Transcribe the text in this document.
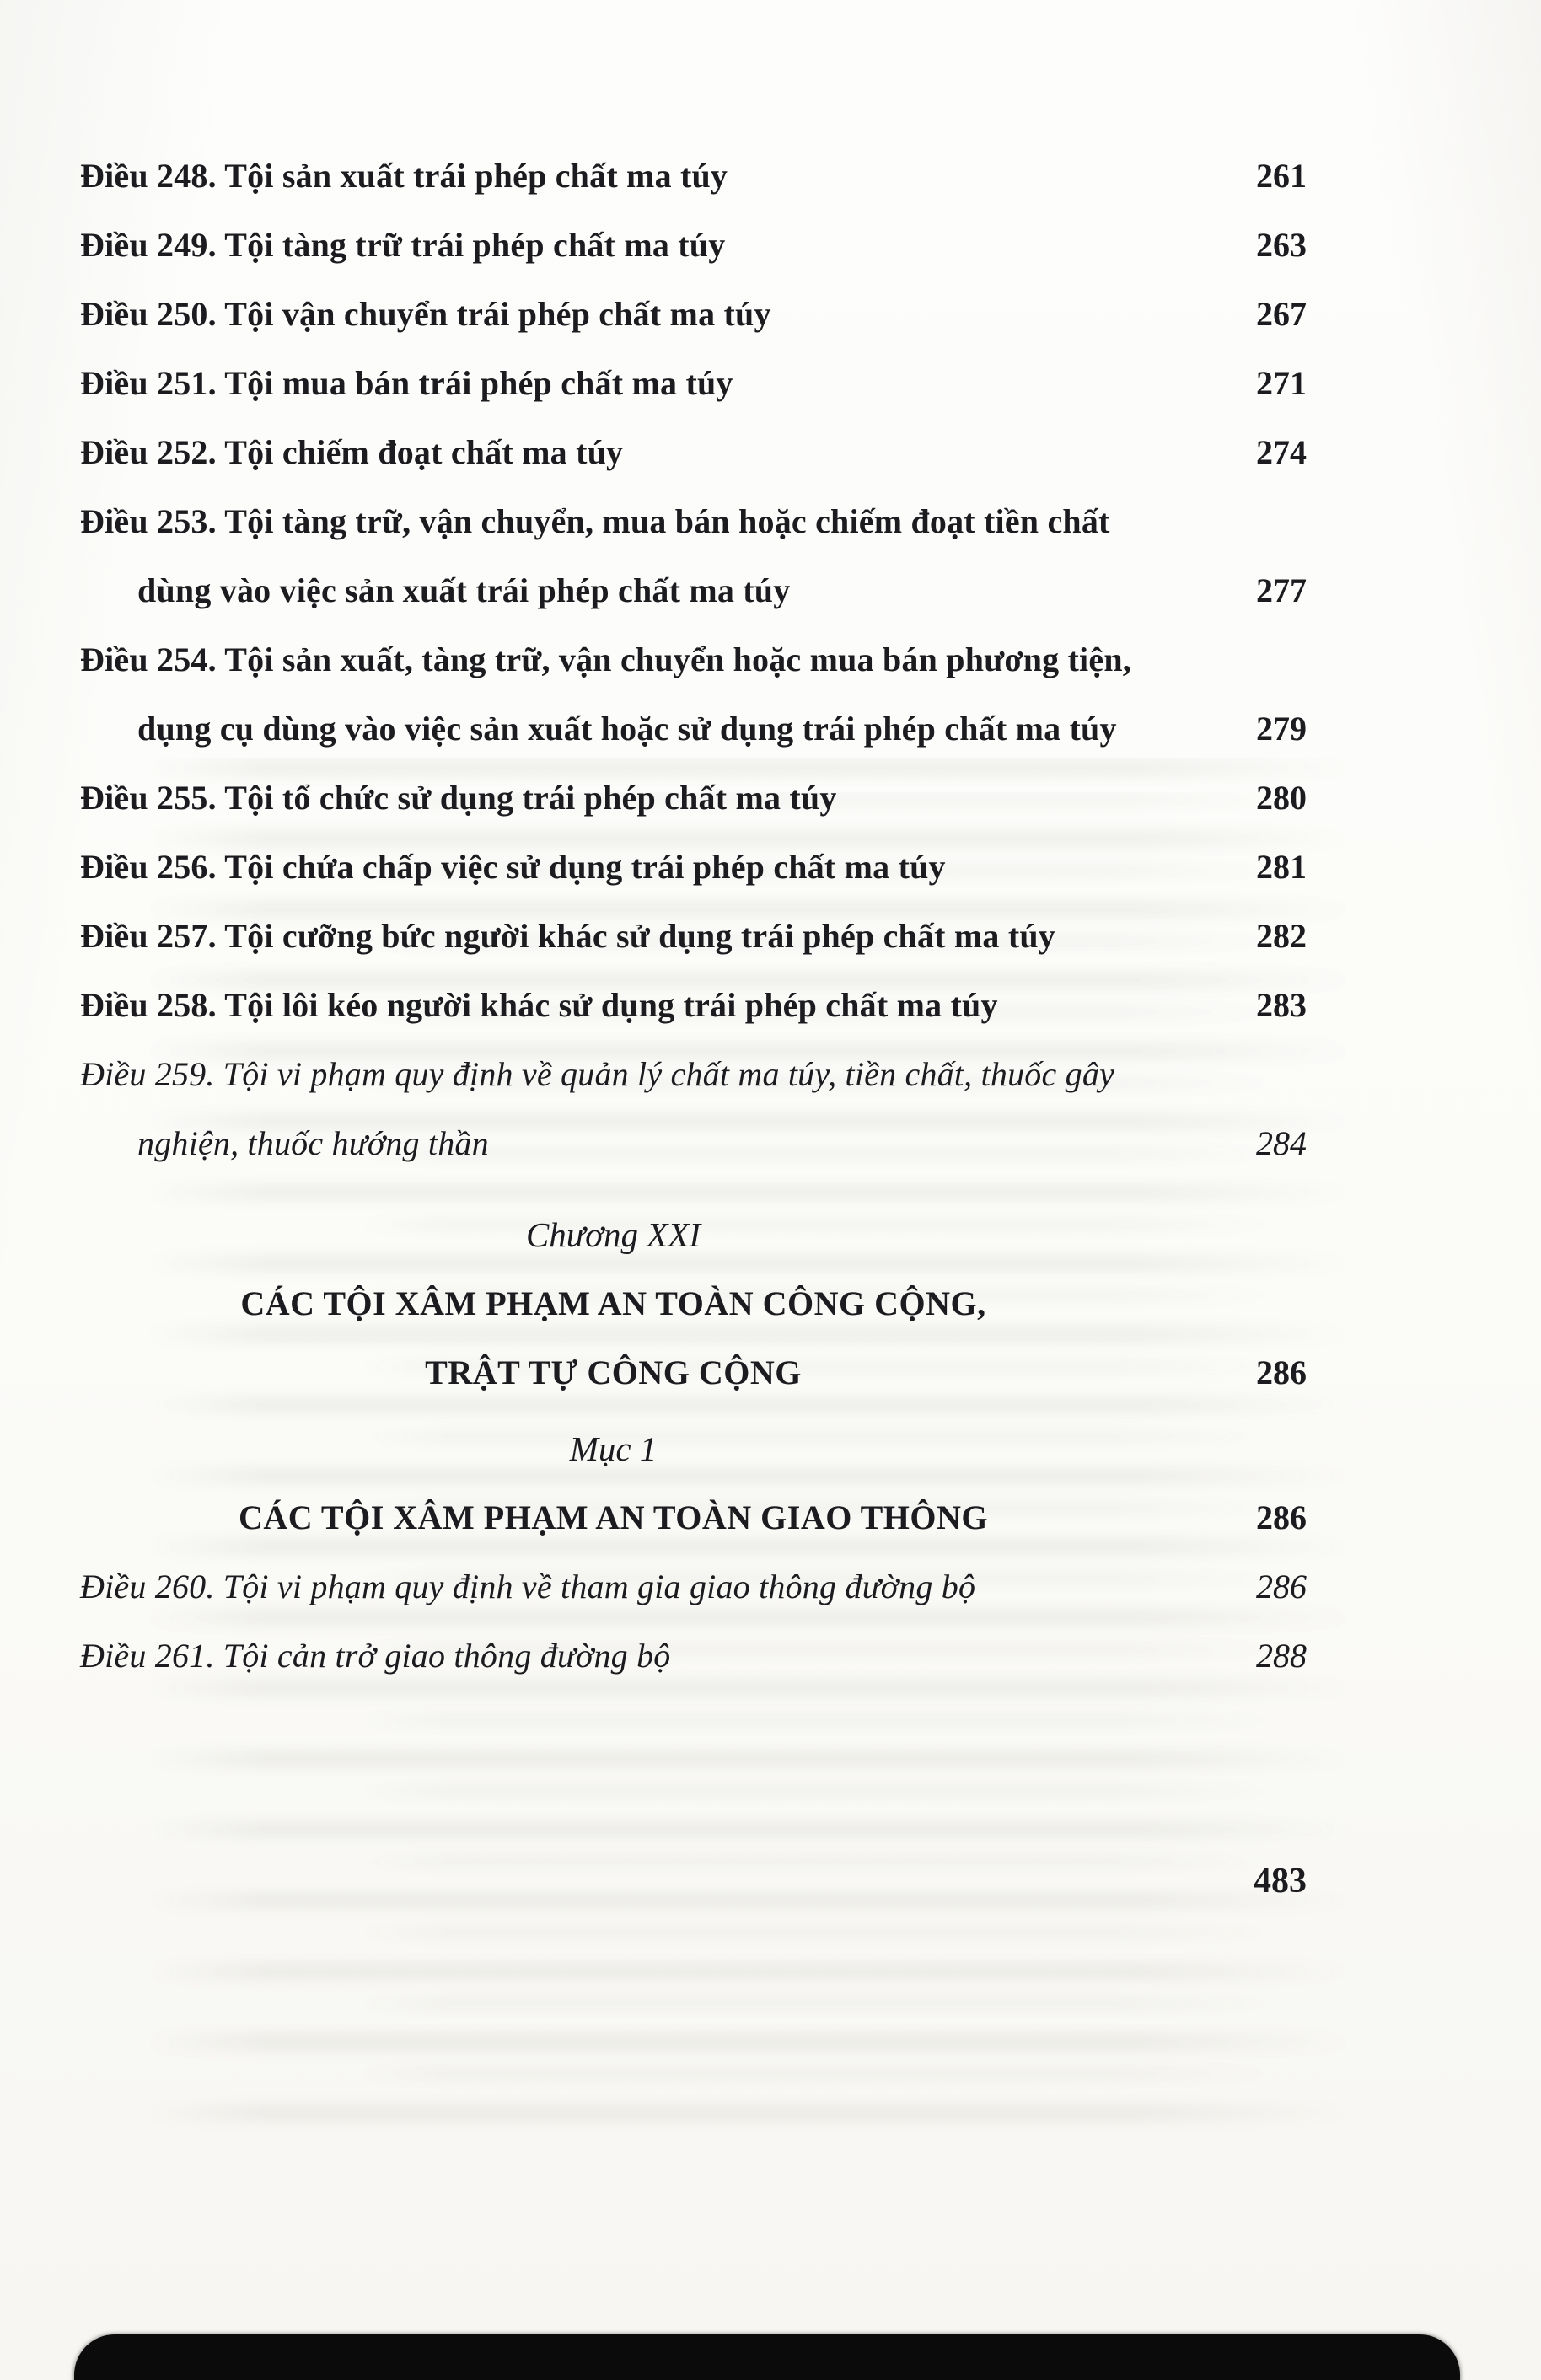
Điều 248. Tội sản xuất trái phép chất ma túy	261
Điều 249. Tội tàng trữ trái phép chất ma túy	263
Điều 250. Tội vận chuyển trái phép chất ma túy	267
Điều 251. Tội mua bán trái phép chất ma túy	271
Điều 252. Tội chiếm đoạt chất ma túy	274
Điều 253. Tội tàng trữ, vận chuyển, mua bán hoặc chiếm đoạt tiền chất dùng vào việc sản xuất trái phép chất ma túy	277
Điều 254. Tội sản xuất, tàng trữ, vận chuyển hoặc mua bán phương tiện, dụng cụ dùng vào việc sản xuất hoặc sử dụng trái phép chất ma túy	279
Điều 255. Tội tổ chức sử dụng trái phép chất ma túy	280
Điều 256. Tội chứa chấp việc sử dụng trái phép chất ma túy	281
Điều 257. Tội cưỡng bức người khác sử dụng trái phép chất ma túy	282
Điều 258. Tội lôi kéo người khác sử dụng trái phép chất ma túy	283
Điều 259. Tội vi phạm quy định về quản lý chất ma túy, tiền chất, thuốc gây nghiện, thuốc hướng thần	284
Chương XXI
CÁC TỘI XÂM PHẠM AN TOÀN CÔNG CỘNG,
TRẬT TỰ CÔNG CỘNG	286
Mục 1
CÁC TỘI XÂM PHẠM AN TOÀN GIAO THÔNG	286
Điều 260. Tội vi phạm quy định về tham gia giao thông đường bộ	286
Điều 261. Tội cản trở giao thông đường bộ	288
483
